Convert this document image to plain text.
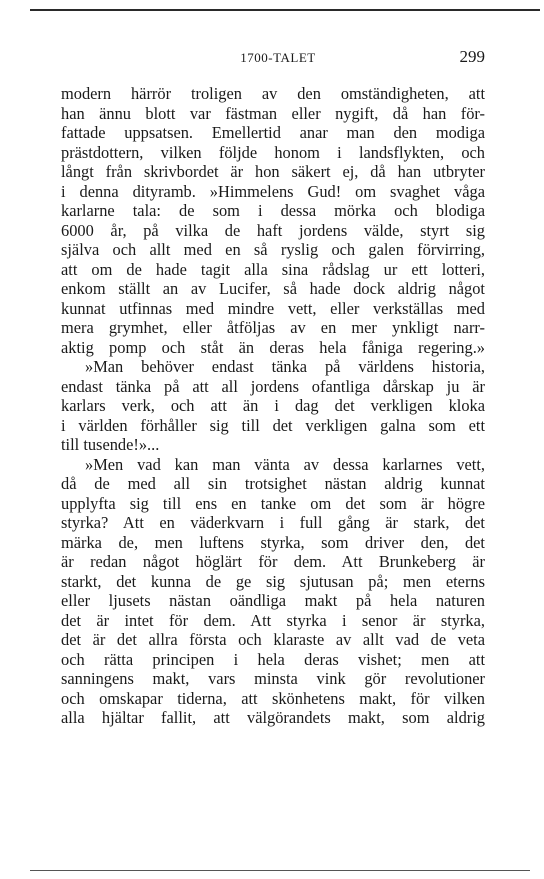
1700-TALET	299
modern härrör troligen av den omständigheten, att
han ännu blott var fästman eller nygift, då han för-
fattade uppsatsen. Emellertid anar man den modiga
prästdottern, vilken följde honom i landsflykten, och
långt från skrivbordet är hon säkert ej, då han utbryter
i denna dityramb. »Himmelens Gud! om svaghet våga
karlarne tala: de som i dessa mörka och blodiga
6000 år, på vilka de haft jordens välde, styrt sig
själva och allt med en så ryslig och galen förvirring,
att om de hade tagit alla sina rådslag ur ett lotteri,
enkom ställt an av Lucifer, så hade dock aldrig något
kunnat utfinnas med mindre vett, eller verkställas med
mera grymhet, eller åtföljas av en mer ynkligt narr-
aktig pomp och ståt än deras hela fåniga regering.»
»Man behöver endast tänka på världens historia,
endast tänka på att all jordens ofantliga dårskap ju är
karlars verk, och att än i dag det verkligen kloka
i världen förhåller sig till det verkligen galna som ett
till tusende!»...
»Men vad kan man vänta av dessa karlarnes vett,
då de med all sin trotsighet nästan aldrig kunnat
upplyfta sig till ens en tanke om det som är högre
styrka? Att en väderkvarn i full gång är stark, det
märka de, men luftens styrka, som driver den, det
är redan något höglärt för dem. Att Brunkeberg är
starkt, det kunna de ge sig sjutusan på; men eterns
eller ljusets nästan oändliga makt på hela naturen
det är intet för dem. Att styrka i senor är styrka,
det är det allra första och klaraste av allt vad de veta
och rätta principen i hela deras vishet; men att
sanningens makt, vars minsta vink gör revolutioner
och omskapar tiderna, att skönhetens makt, för vilken
alla hjältar fallit, att välgörandets makt, som aldrig
